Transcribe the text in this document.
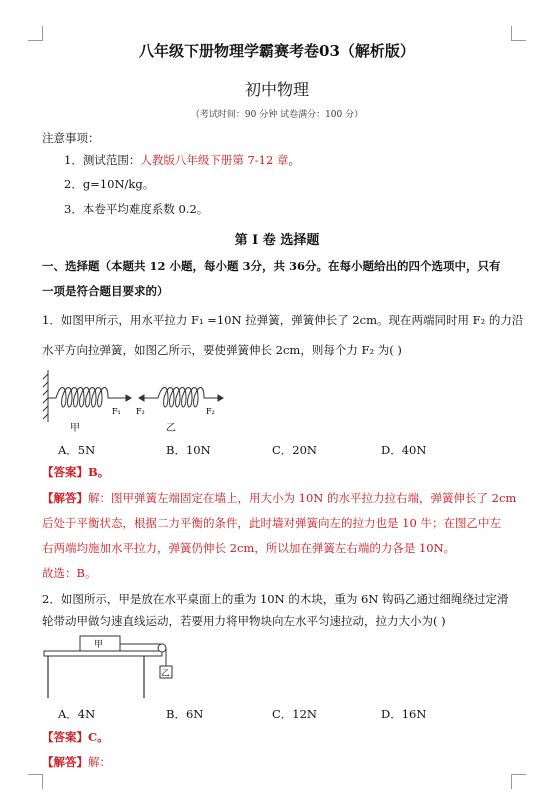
八年级下册物理学霸赛考卷03（解析版）
初中物理
（考试时间：90 分钟 试卷满分：100 分）
注意事项：
1．测试范围：人教版八年级下册第 7-12 章。
2．g=10N/kg。
3．本卷平均难度系数 0.2。
第 I 卷 选择题
一、选择题（本题共 12 小题，每小题 3分，共 36分。在每小题给出的四个选项中，只有
一项是符合题目要求的）
1．如图甲所示，用水平拉力 F₁ =10N 拉弹簧，弹簧伸长了 2cm。现在两端同时用 F₂ 的力沿
水平方向拉弹簧，如图乙所示，要使弹簧伸长 2cm，则每个力 F₂ 为( )
F₁ F₂	F₂
甲	乙
A．5N	B．10N	C．20N	D．40N
【答案】B。
【解答】解：图甲弹簧左端固定在墙上，用大小为 10N 的水平拉力拉右端，弹簧伸长了 2cm
后处于平衡状态，根据二力平衡的条件，此时墙对弹簧向左的拉力也是 10 牛；在图乙中左
右两端均施加水平拉力，弹簧仍伸长 2cm，所以加在弹簧左右端的力各是 10N。
故选：B。
2．如图所示，甲是放在水平桌面上的重为 10N 的木块，重为 6N 钩码乙通过细绳绕过定滑
轮带动甲做匀速直线运动，若要用力将甲物块向左水平匀速拉动，拉力大小为( )
甲
乙
A．4N	B．6N	C．12N	D．16N
【答案】C。
【解答】解：
